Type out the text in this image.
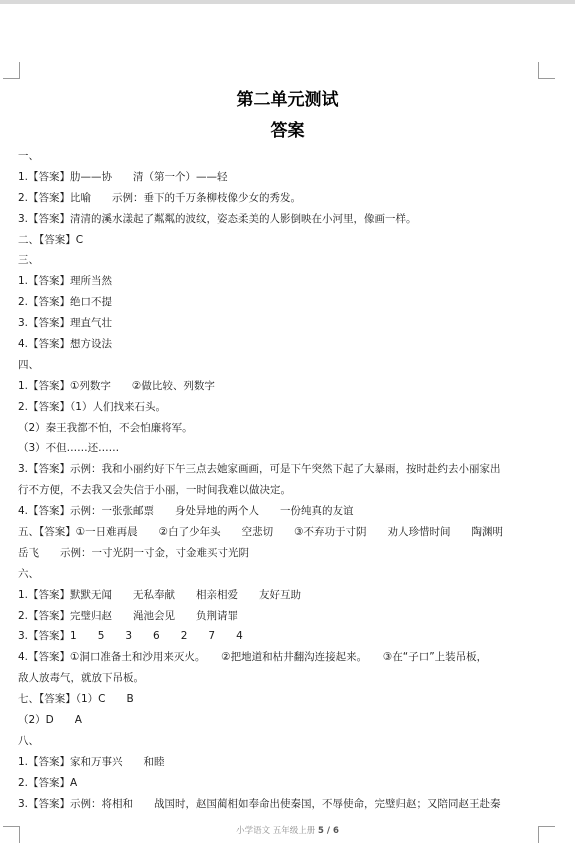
第二单元测试
答案
一、
1.【答案】肋——协　　清（第一个）——轻
2.【答案】比喻　　示例：垂下的千万条柳枝像少女的秀发。
3.【答案】清清的溪水漾起了粼粼的波纹，姿态柔美的人影倒映在小河里，像画一样。
二、【答案】C
三、
1.【答案】理所当然
2.【答案】绝口不提
3.【答案】理直气壮
4.【答案】想方设法
四、
1.【答案】①列数字　　②做比较、列数字
2.【答案】（1）人们找来石头。
（2）秦王我都不怕，不会怕廉将军。
（3）不但……还……
3.【答案】示例：我和小丽约好下午三点去她家画画，可是下午突然下起了大暴雨，按时赴约去小丽家出
行不方便，不去我又会失信于小丽，一时间我难以做决定。
4.【答案】示例：一张张邮票　　身处异地的两个人　　一份纯真的友谊
五、【答案】①一日难再晨　　②白了少年头　　空悲切　　③不弃功于寸阴　　劝人珍惜时间　　陶渊明
岳飞　　示例：一寸光阴一寸金，寸金难买寸光阴
六、
1.【答案】默默无闻　　无私奉献　　相亲相爱　　友好互助
2.【答案】完璧归赵　　渑池会见　　负荆请罪
3.【答案】1　　5　　3　　6　　2　　7　　4
4.【答案】①洞口准备土和沙用来灭火。　　②把地道和枯井翻沟连接起来。　　③在“子口”上装吊板，
敌人放毒气，就放下吊板。
七、【答案】（1）C　　B
（2）D　　A
八、
1.【答案】家和万事兴　　和睦
2.【答案】A
3.【答案】示例：将相和　　战国时，赵国蔺相如奉命出使秦国，不辱使命，完璧归赵；又陪同赵王赴秦
小学语文 五年级上册 5 / 6
